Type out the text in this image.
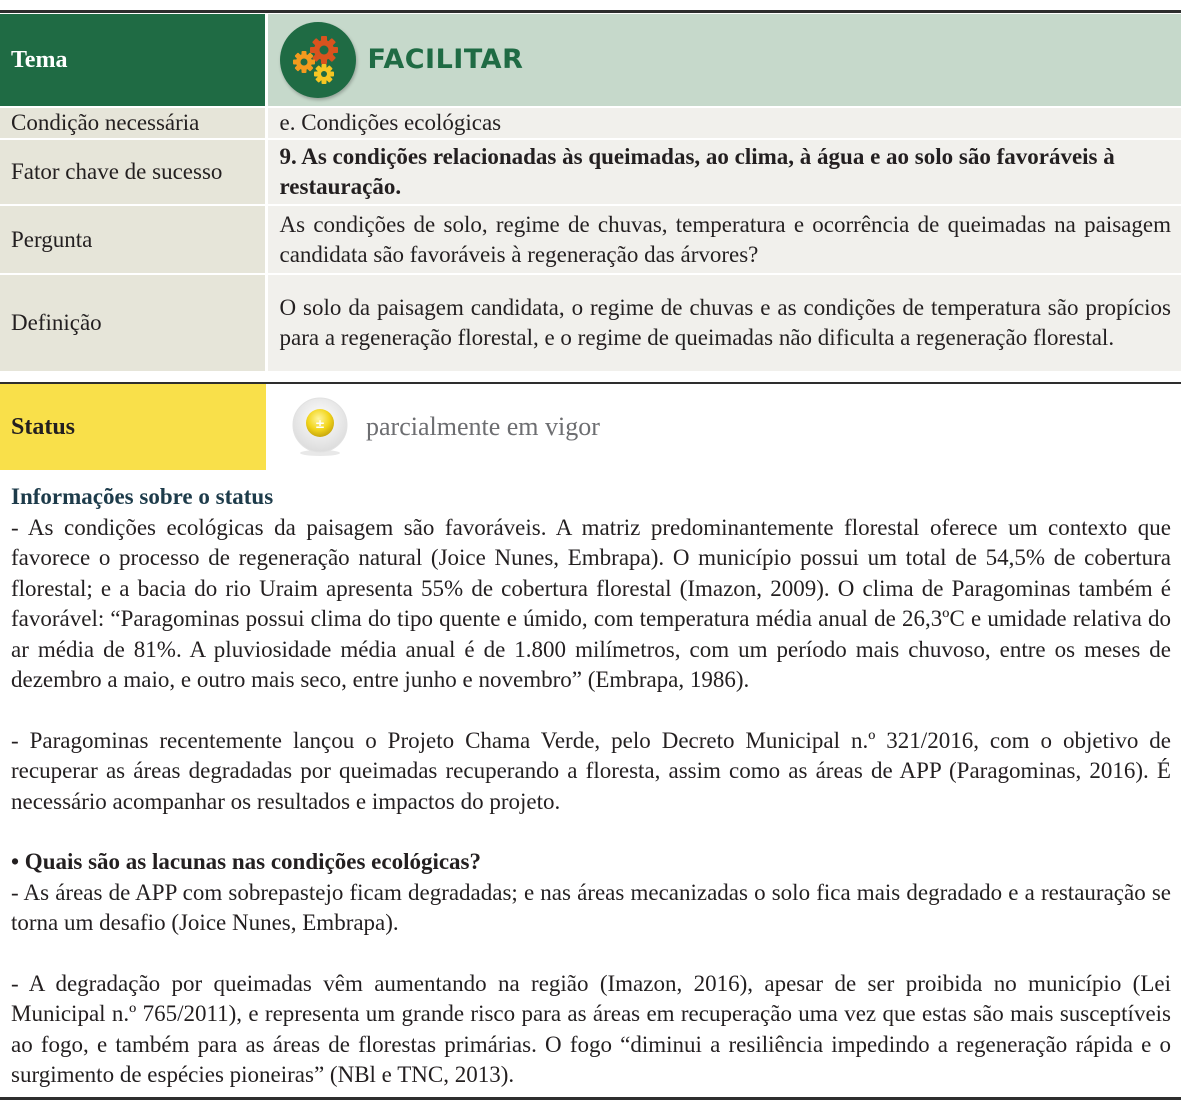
Tema	FACILITAR

Condição necessária	e. Condições ecológicas
Fator chave de sucesso	9. As condições relacionadas às queimadas, ao clima, à água e ao solo são favoráveis à restauração.
Pergunta	As condições de solo, regime de chuvas, temperatura e ocorrência de queimadas na paisagem candidata são favoráveis à regeneração das árvores?
Definição	O solo da paisagem candidata, o regime de chuvas e as condições de temperatura são propícios para a regeneração florestal, e o regime de queimadas não dificulta a regeneração florestal.
Status	± parcialmente em vigor
Informações sobre o status

- As condições ecológicas da paisagem são favoráveis. A matriz predominantemente florestal oferece um contexto que favorece o processo de regeneração natural (Joice Nunes, Embrapa). O município possui um total de 54,5% de cobertura florestal; e a bacia do rio Uraim apresenta 55% de cobertura florestal (Imazon, 2009). O clima de Paragominas também é favorável: “Paragominas possui clima do tipo quente e úmido, com temperatura média anual de 26,3ºC e umidade relativa do ar média de 81%. A pluviosidade média anual é de 1.800 milímetros, com um período mais chuvoso, entre os meses de dezembro a maio, e outro mais seco, entre junho e novembro” (Embrapa, 1986).

- Paragominas recentemente lançou o Projeto Chama Verde, pelo Decreto Municipal n.º 321/2016, com o objetivo de recuperar as áreas degradadas por queimadas recuperando a floresta, assim como as áreas de APP (Paragominas, 2016). É necessário acompanhar os resultados e impactos do projeto.

• Quais são as lacunas nas condições ecológicas?

- As áreas de APP com sobrepastejo ficam degradadas; e nas áreas mecanizadas o solo fica mais degradado e a restauração se torna um desafio (Joice Nunes, Embrapa).

- A degradação por queimadas vêm aumentando na região (Imazon, 2016), apesar de ser proibida no município (Lei Municipal n.º 765/2011), e representa um grande risco para as áreas em recuperação uma vez que estas são mais susceptíveis ao fogo, e também para as áreas de florestas primárias. O fogo “diminui a resiliência impedindo a regeneração rápida e o surgimento de espécies pioneiras” (NBl e TNC, 2013).
